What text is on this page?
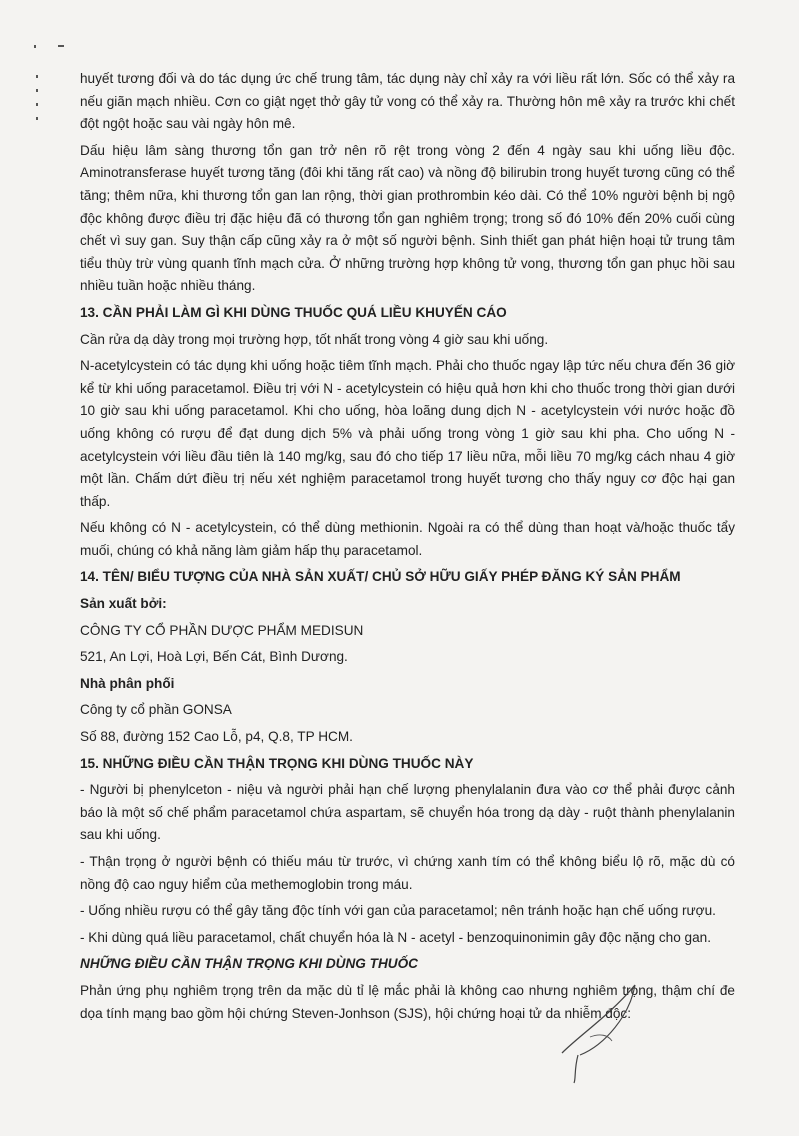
huyết tương đối và do tác dụng ức chế trung tâm, tác dụng này chỉ xảy ra với liều rất lớn. Sốc có thể xảy ra nếu giãn mạch nhiều. Cơn co giật ngẹt thở gây tử vong có thể xảy ra. Thường hôn mê xảy ra trước khi chết đột ngột hoặc sau vài ngày hôn mê.

Dấu hiệu lâm sàng thương tổn gan trở nên rõ rệt trong vòng 2 đến 4 ngày sau khi uống liều độc. Aminotransferase huyết tương tăng (đôi khi tăng rất cao) và nồng độ bilirubin trong huyết tương cũng có thể tăng; thêm nữa, khi thương tổn gan lan rộng, thời gian prothrombin kéo dài. Có thể 10% người bệnh bị ngộ độc không được điều trị đặc hiệu đã có thương tổn gan nghiêm trọng; trong số đó 10% đến 20% cuối cùng chết vì suy gan. Suy thận cấp cũng xảy ra ở một số người bệnh. Sinh thiết gan phát hiện hoại tử trung tâm tiểu thùy trừ vùng quanh tĩnh mạch cửa. Ở những trường hợp không tử vong, thương tổn gan phục hồi sau nhiều tuần hoặc nhiều tháng.

13. CẦN PHẢI LÀM GÌ KHI DÙNG THUỐC QUÁ LIỀU KHUYẾN CÁO

Cần rửa dạ dày trong mọi trường hợp, tốt nhất trong vòng 4 giờ sau khi uống.

N-acetylcystein có tác dụng khi uống hoặc tiêm tĩnh mạch. Phải cho thuốc ngay lập tức nếu chưa đến 36 giờ kể từ khi uống paracetamol. Điều trị với N - acetylcystein có hiệu quả hơn khi cho thuốc trong thời gian dưới 10 giờ sau khi uống paracetamol. Khi cho uống, hòa loãng dung dịch N - acetylcystein với nước hoặc đồ uống không có rượu để đạt dung dịch 5% và phải uống trong vòng 1 giờ sau khi pha. Cho uống N - acetylcystein với liều đầu tiên là 140 mg/kg, sau đó cho tiếp 17 liều nữa, mỗi liều 70 mg/kg cách nhau 4 giờ một lần. Chấm dứt điều trị nếu xét nghiệm paracetamol trong huyết tương cho thấy nguy cơ độc hại gan thấp.

Nếu không có N - acetylcystein, có thể dùng methionin. Ngoài ra có thể dùng than hoạt và/hoặc thuốc tẩy muối, chúng có khả năng làm giảm hấp thụ paracetamol.

14. TÊN/ BIỂU TƯỢNG CỦA NHÀ SẢN XUẤT/ CHỦ SỞ HỮU GIẤY PHÉP ĐĂNG KÝ SẢN PHẨM
Sản xuất bởi:
CÔNG TY CỔ PHẦN DƯỢC PHẨM MEDISUN
521, An Lợi, Hoà Lợi, Bến Cát, Bình Dương.
Nhà phân phối
Công ty cổ phần GONSA
Số 88, đường 152 Cao Lỗ, p4, Q.8, TP HCM.
15. NHỮNG ĐIỀU CẦN THẬN TRỌNG KHI DÙNG THUỐC NÀY

- Người bị phenylceton - niệu và người phải hạn chế lượng phenylalanin đưa vào cơ thể phải được cảnh báo là một số chế phẩm paracetamol chứa aspartam, sẽ chuyển hóa trong dạ dày - ruột thành phenylalanin sau khi uống.

- Thận trọng ở người bệnh có thiếu máu từ trước, vì chứng xanh tím có thể không biểu lộ rõ, mặc dù có nồng độ cao nguy hiểm của methemoglobin trong máu.

- Uống nhiều rượu có thể gây tăng độc tính với gan của paracetamol; nên tránh hoặc hạn chế uống rượu.

- Khi dùng quá liều paracetamol, chất chuyển hóa là N - acetyl - benzoquinonimin gây độc nặng cho gan.

NHỮNG ĐIỀU CẦN THẬN TRỌNG KHI DÙNG THUỐC

Phản ứng phụ nghiêm trọng trên da mặc dù tỉ lệ mắc phải là không cao nhưng nghiêm trọng, thậm chí đe dọa tính mạng bao gồm hội chứng Steven-Jonhson (SJS), hội chứng hoại tử da nhiễm độc:
